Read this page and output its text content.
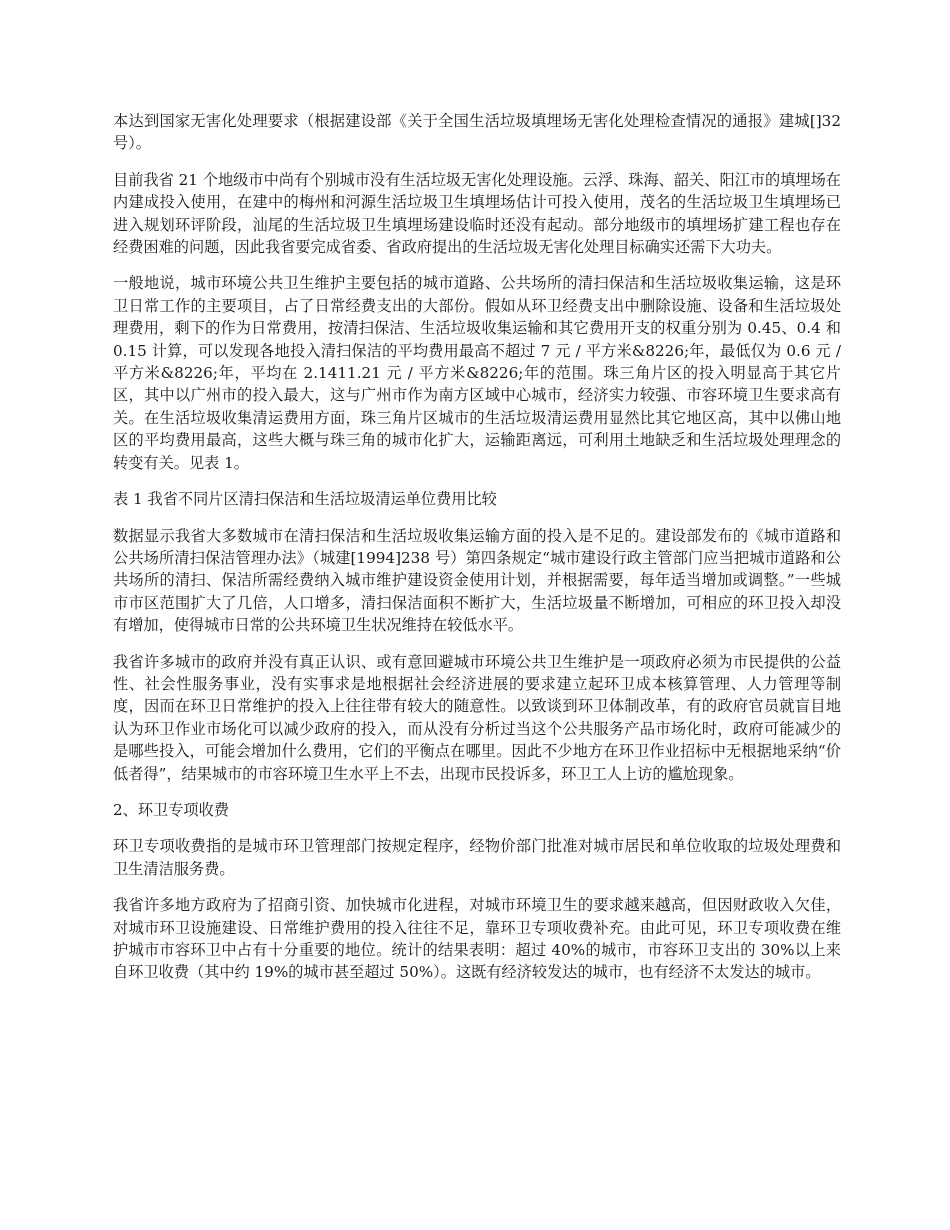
本达到国家无害化处理要求（根据建设部《关于全国生活垃圾填埋场无害化处理检查情况的通报》建城[]32 号）。

目前我省 21 个地级市中尚有个别城市没有生活垃圾无害化处理设施。云浮、珠海、韶关、阳江市的填埋场在内建成投入使用，在建中的梅州和河源生活垃圾卫生填埋场估计可投入使用，茂名的生活垃圾卫生填埋场已进入规划环评阶段，汕尾的生活垃圾卫生填埋场建设临时还没有起动。部分地级市的填埋场扩建工程也存在经费困难的问题，因此我省要完成省委、省政府提出的生活垃圾无害化处理目标确实还需下大功夫。

一般地说，城市环境公共卫生维护主要包括的城市道路、公共场所的清扫保洁和生活垃圾收集运输，这是环卫日常工作的主要项目，占了日常经费支出的大部份。假如从环卫经费支出中删除设施、设备和生活垃圾处理费用，剩下的作为日常费用，按清扫保洁、生活垃圾收集运输和其它费用开支的权重分别为 0.45、0.4 和 0.15 计算，可以发现各地投入清扫保洁的平均费用最高不超过 7 元 / 平方米&8226;年，最低仅为 0.6 元 / 平方米&8226;年，平均在 2.1411.21 元 / 平方米&8226;年的范围。珠三角片区的投入明显高于其它片区，其中以广州市的投入最大，这与广州市作为南方区域中心城市，经济实力较强、市容环境卫生要求高有关。在生活垃圾收集清运费用方面，珠三角片区城市的生活垃圾清运费用显然比其它地区高，其中以佛山地区的平均费用最高，这些大概与珠三角的城市化扩大，运输距离远，可利用土地缺乏和生活垃圾处理理念的转变有关。见表 1。

表 1 我省不同片区清扫保洁和生活垃圾清运单位费用比较

数据显示我省大多数城市在清扫保洁和生活垃圾收集运输方面的投入是不足的。建设部发布的《城市道路和公共场所清扫保洁管理办法》（城建[1994]238 号）第四条规定“城市建设行政主管部门应当把城市道路和公共场所的清扫、保洁所需经费纳入城市维护建设资金使用计划，并根据需要，每年适当增加或调整。”一些城市市区范围扩大了几倍，人口增多，清扫保洁面积不断扩大，生活垃圾量不断增加，可相应的环卫投入却没有增加，使得城市日常的公共环境卫生状况维持在较低水平。

我省许多城市的政府并没有真正认识、或有意回避城市环境公共卫生维护是一项政府必须为市民提供的公益性、社会性服务事业，没有实事求是地根据社会经济进展的要求建立起环卫成本核算管理、人力管理等制度，因而在环卫日常维护的投入上往往带有较大的随意性。以致谈到环卫体制改革，有的政府官员就盲目地认为环卫作业市场化可以减少政府的投入，而从没有分析过当这个公共服务产品市场化时，政府可能减少的是哪些投入，可能会增加什么费用，它们的平衡点在哪里。因此不少地方在环卫作业招标中无根据地采纳“价低者得”，结果城市的市容环境卫生水平上不去，出现市民投诉多，环卫工人上访的尴尬现象。

2、环卫专项收费

环卫专项收费指的是城市环卫管理部门按规定程序，经物价部门批准对城市居民和单位收取的垃圾处理费和卫生清洁服务费。

我省许多地方政府为了招商引资、加快城市化进程，对城市环境卫生的要求越来越高，但因财政收入欠佳，对城市环卫设施建设、日常维护费用的投入往往不足，靠环卫专项收费补充。由此可见，环卫专项收费在维护城市市容环卫中占有十分重要的地位。统计的结果表明：超过 40%的城市，市容环卫支出的 30%以上来自环卫收费（其中约 19%的城市甚至超过 50%）。这既有经济较发达的城市，也有经济不太发达的城市。
